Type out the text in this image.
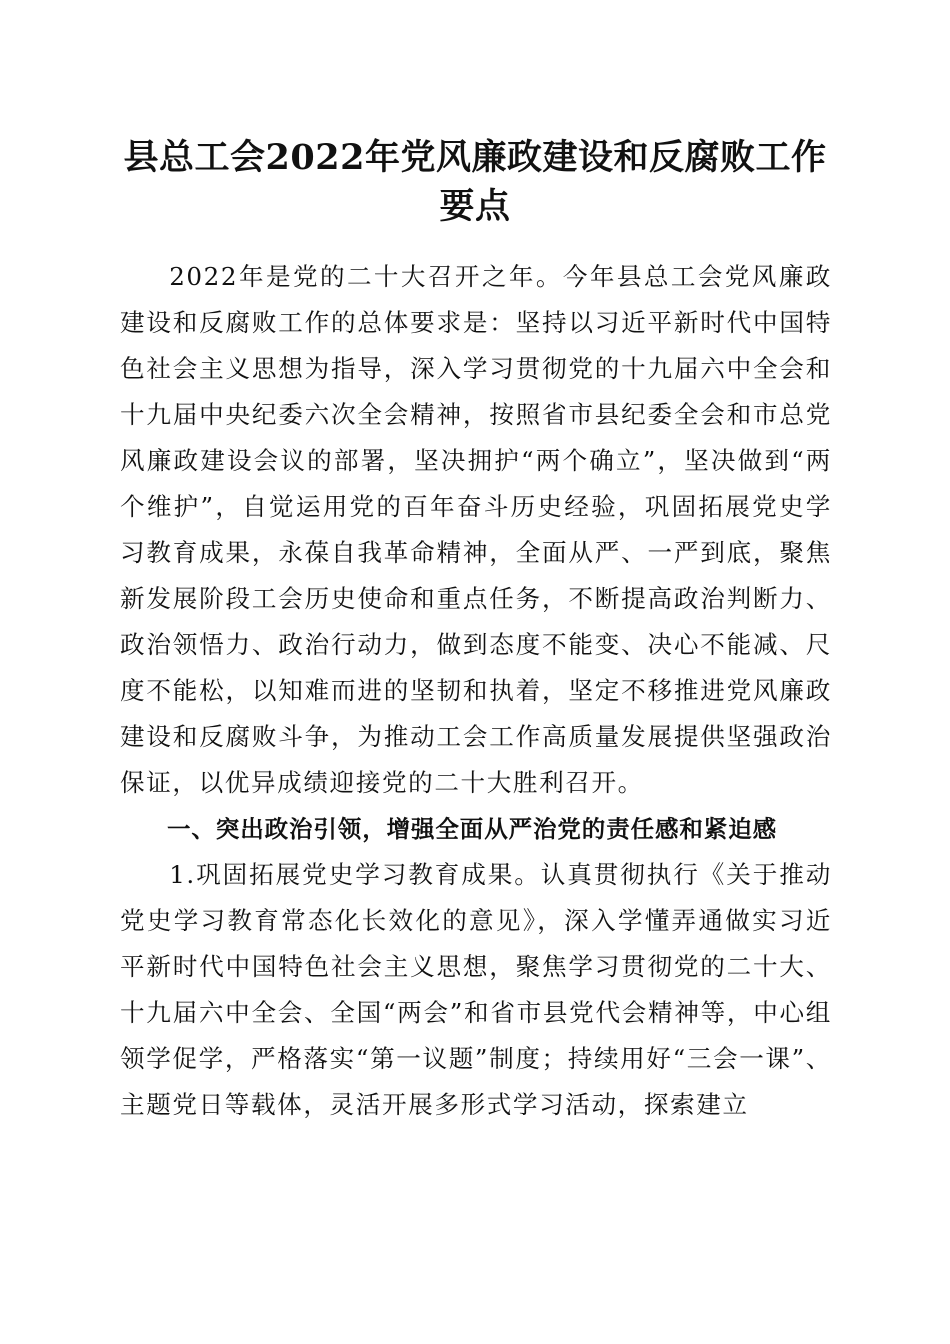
县总工会2022年党风廉政建设和反腐败工作要点

2022年是党的二十大召开之年。今年县总工会党风廉政建设和反腐败工作的总体要求是：坚持以习近平新时代中国特色社会主义思想为指导，深入学习贯彻党的十九届六中全会和十九届中央纪委六次全会精神，按照省市县纪委全会和市总党风廉政建设会议的部署，坚决拥护“两个确立”，坚决做到“两个维护”，自觉运用党的百年奋斗历史经验，巩固拓展党史学习教育成果，永葆自我革命精神，全面从严、一严到底，聚焦新发展阶段工会历史使命和重点任务，不断提高政治判断力、政治领悟力、政治行动力，做到态度不能变、决心不能减、尺度不能松，以知难而进的坚韧和执着，坚定不移推进党风廉政建设和反腐败斗争，为推动工会工作高质量发展提供坚强政治保证，以优异成绩迎接党的二十大胜利召开。

一、突出政治引领，增强全面从严治党的责任感和紧迫感

1.巩固拓展党史学习教育成果。认真贯彻执行《关于推动党史学习教育常态化长效化的意见》，深入学懂弄通做实习近平新时代中国特色社会主义思想，聚焦学习贯彻党的二十大、十九届六中全会、全国“两会”和省市县党代会精神等，中心组领学促学，严格落实“第一议题”制度；持续用好“三会一课”、主题党日等载体，灵活开展多形式学习活动，探索建立
